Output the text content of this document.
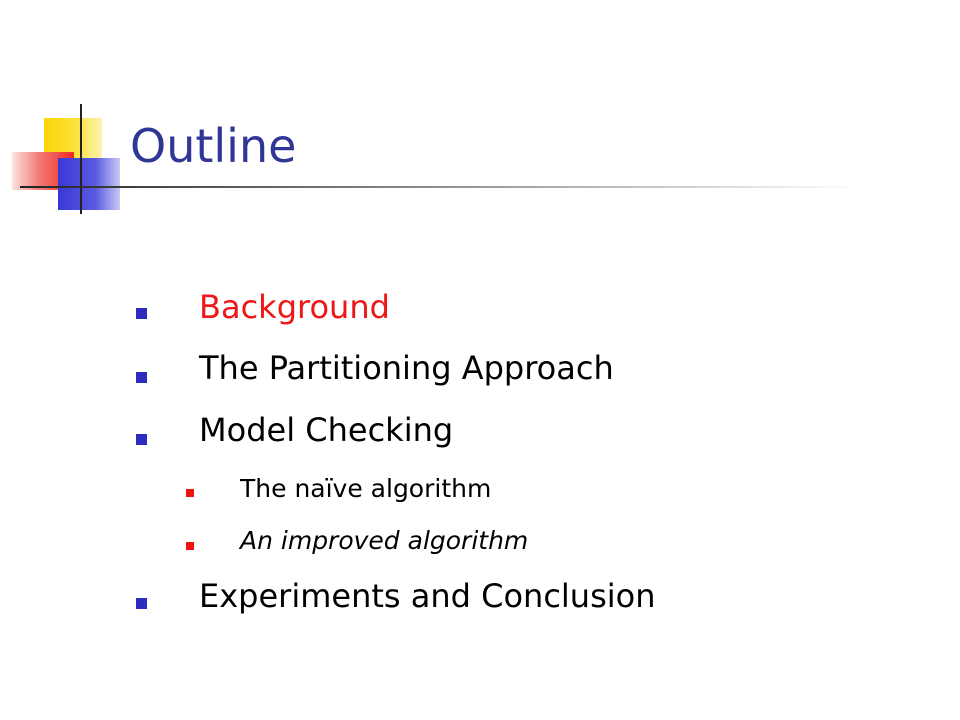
Outline
Background
The Partitioning Approach
Model Checking
The naïve algorithm
An improved algorithm
Experiments and Conclusion
